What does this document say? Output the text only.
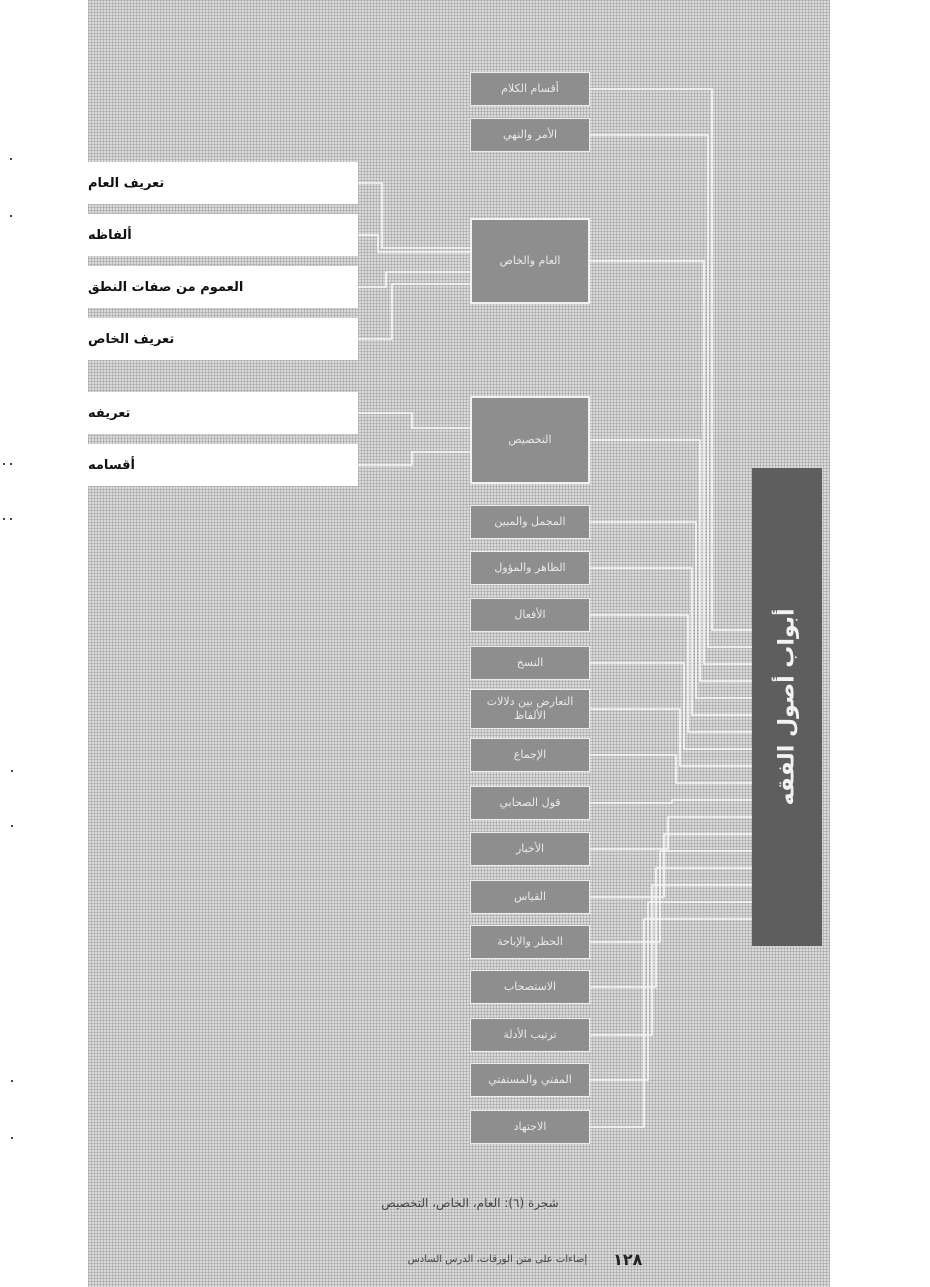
تعريف العام
ألفاظه
العموم من صفات النطق
تعريف الخاص
تعريفه
أقسامه
أقسام الكلام
الأمر والنهي
العام والخاص
التخصيص
المجمل والمبين
الظاهر والمؤول
الأفعال
النسخ
التعارض بين دلالات الألفاظ
الإجماع
قول الصحابي
الأخبار
القياس
الحظر والإباحة
الاستصحاب
ترتيب الأدلة
المفتي والمستفتي
الاجتهاد
أبواب أصول الفقه
شجرة (٦): العام، الخاص، التخصيص
١٢٨
إضاءات على متن الورقات، الدرس السادس
